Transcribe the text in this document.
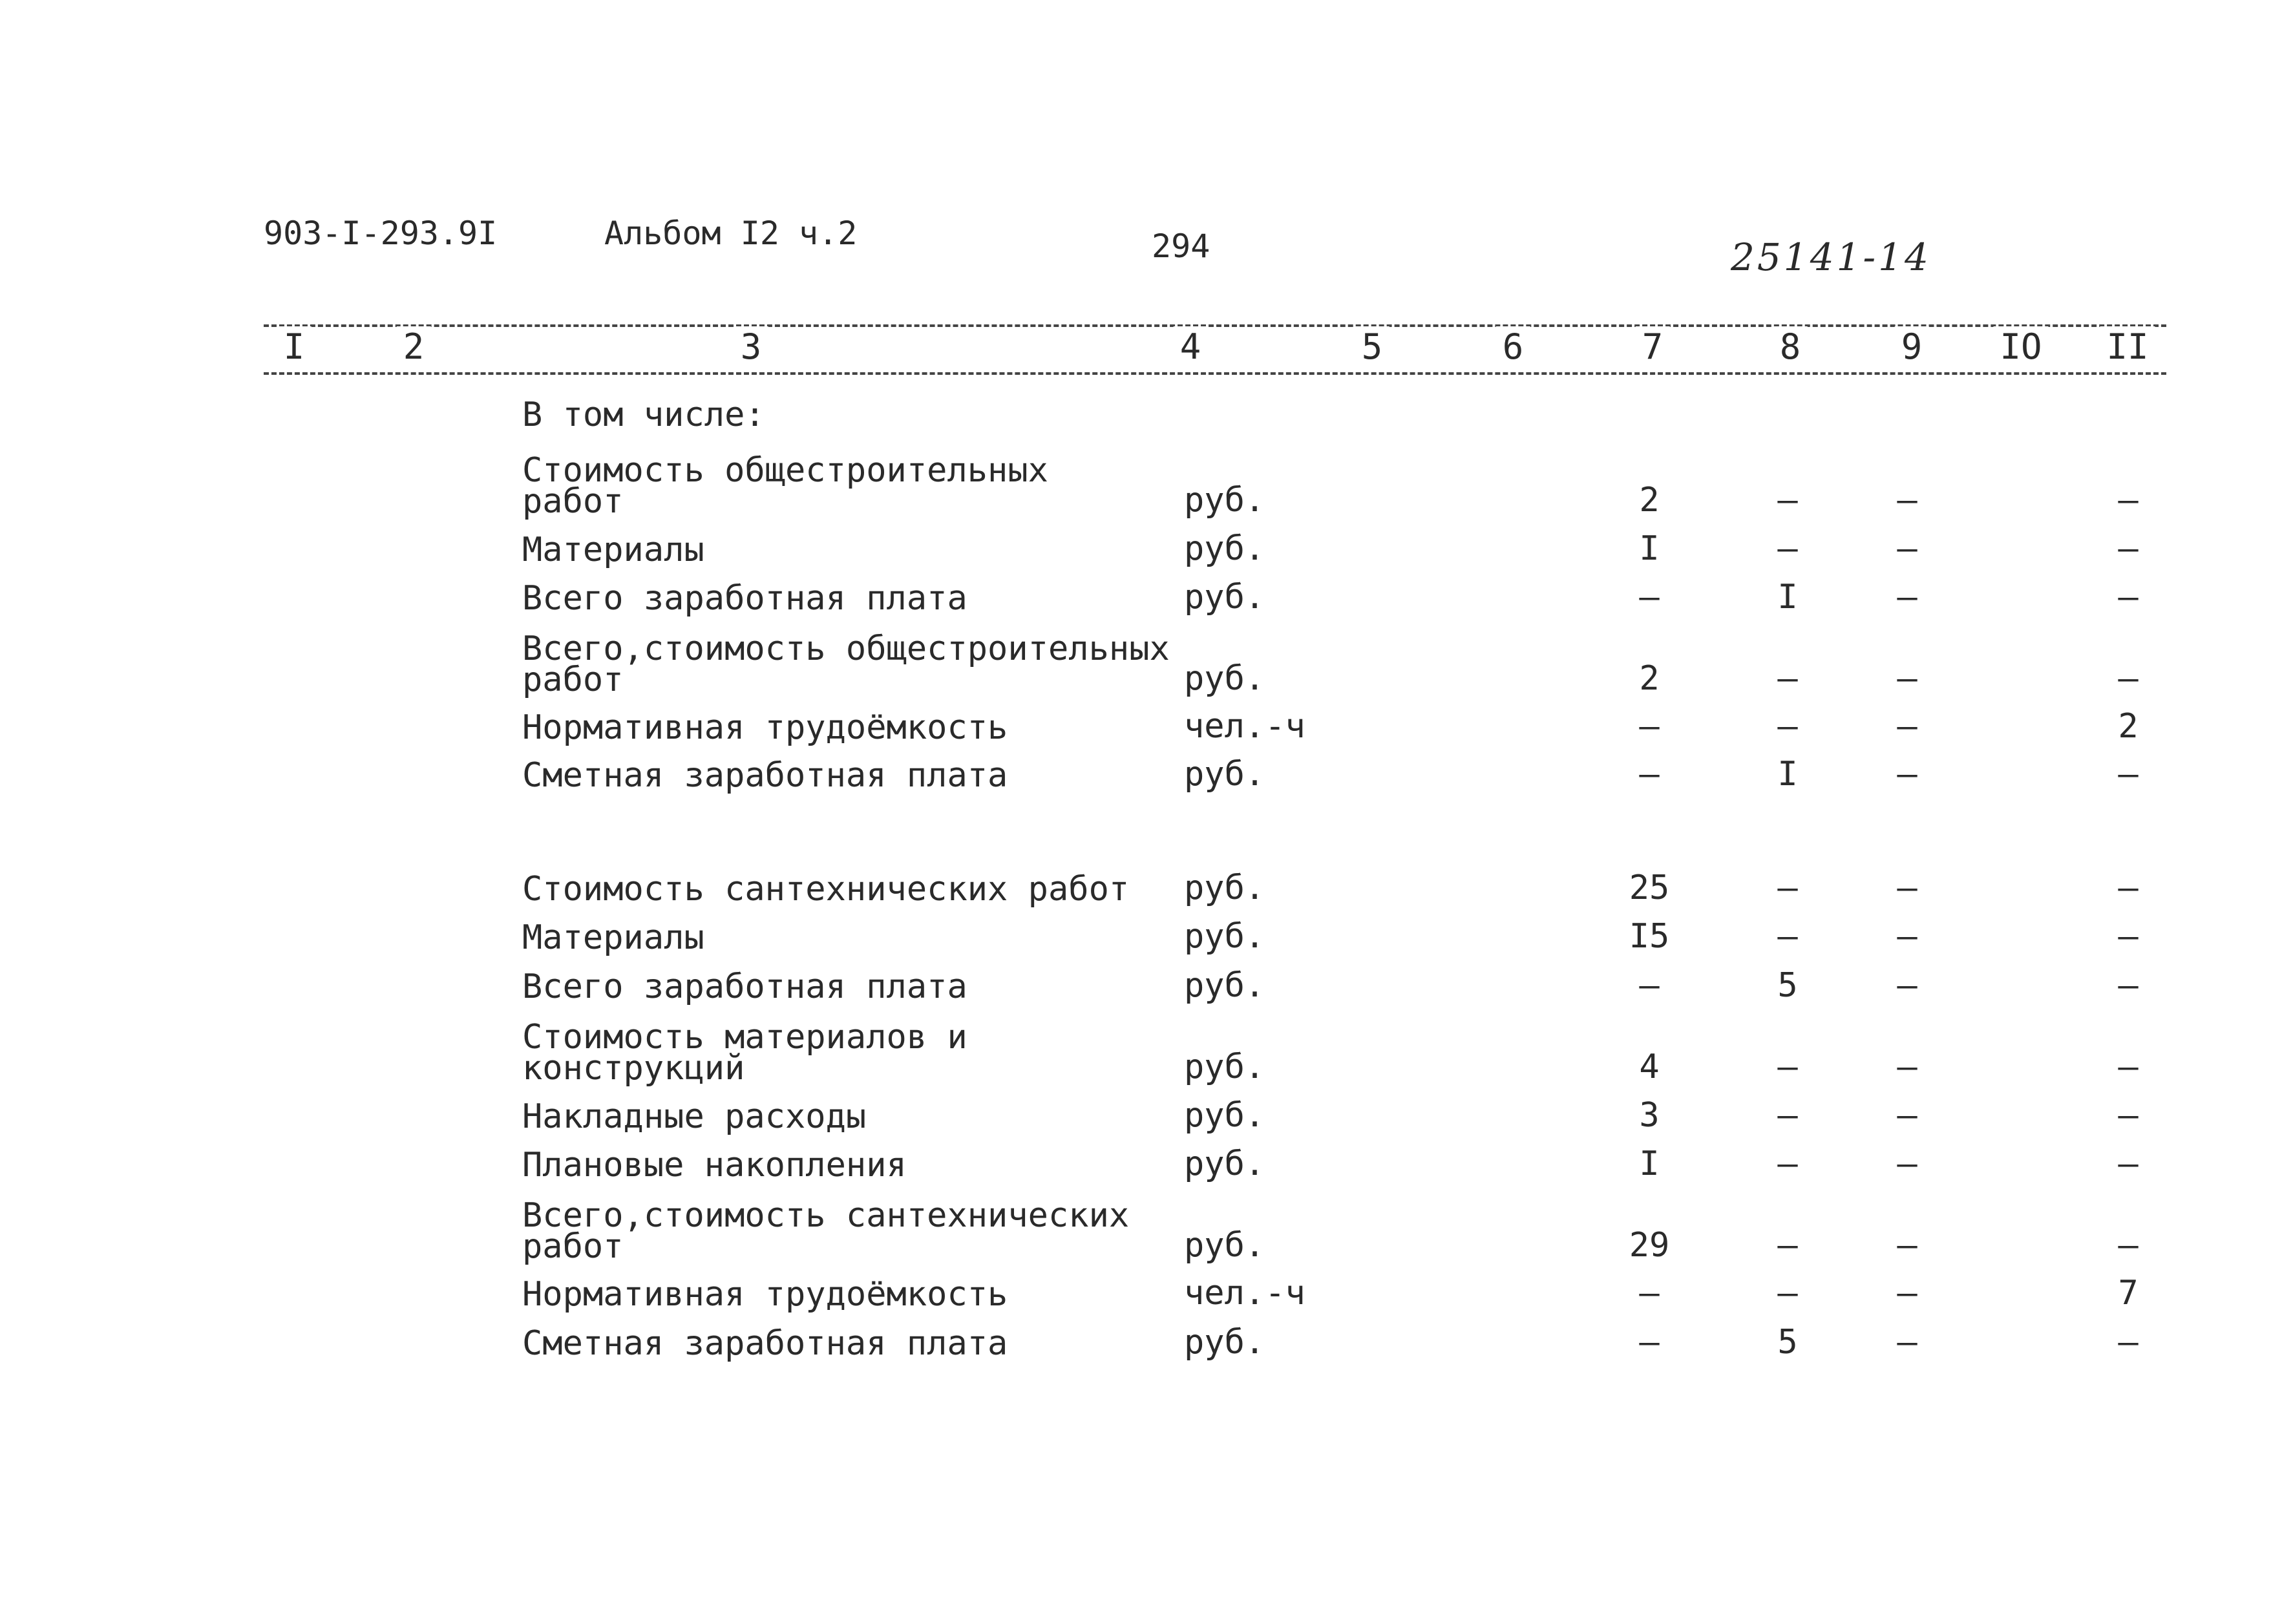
903-I-293.9I	Альбом I2 ч.2	294	25141-14
I	2	3	4	5	6	7	8	9 IO II
В том числе:
Стоимость общестроительных
работ	руб.	2	–	–	–
Материалы	руб.	I	–	–	–
Всего заработная плата	руб.	–	I	–	–
Всего,стоимость общестроительных
работ	руб.	2	–	–	–
Нормативная трудоёмкость	чел.-ч	–	–	–	2
Сметная заработная плата	руб.	–	I	–	–
Стоимость сантехнических работ руб.	25	–	–	–
Материалы	руб.	I5	–	–	–
Всего заработная плата	руб.	–	5	–	–
Стоимость материалов и
конструкций	руб.	4	–	–	–
Накладные расходы	руб.	3	–	–	–
Плановые накопления	руб.	I	–	–	–
Всего,стоимость сантехнических
работ	руб.	29	–	–	–
Нормативная трудоёмкость	чел.-ч	–	–	–	7
Сметная заработная плата	руб.	–	5	–	–
